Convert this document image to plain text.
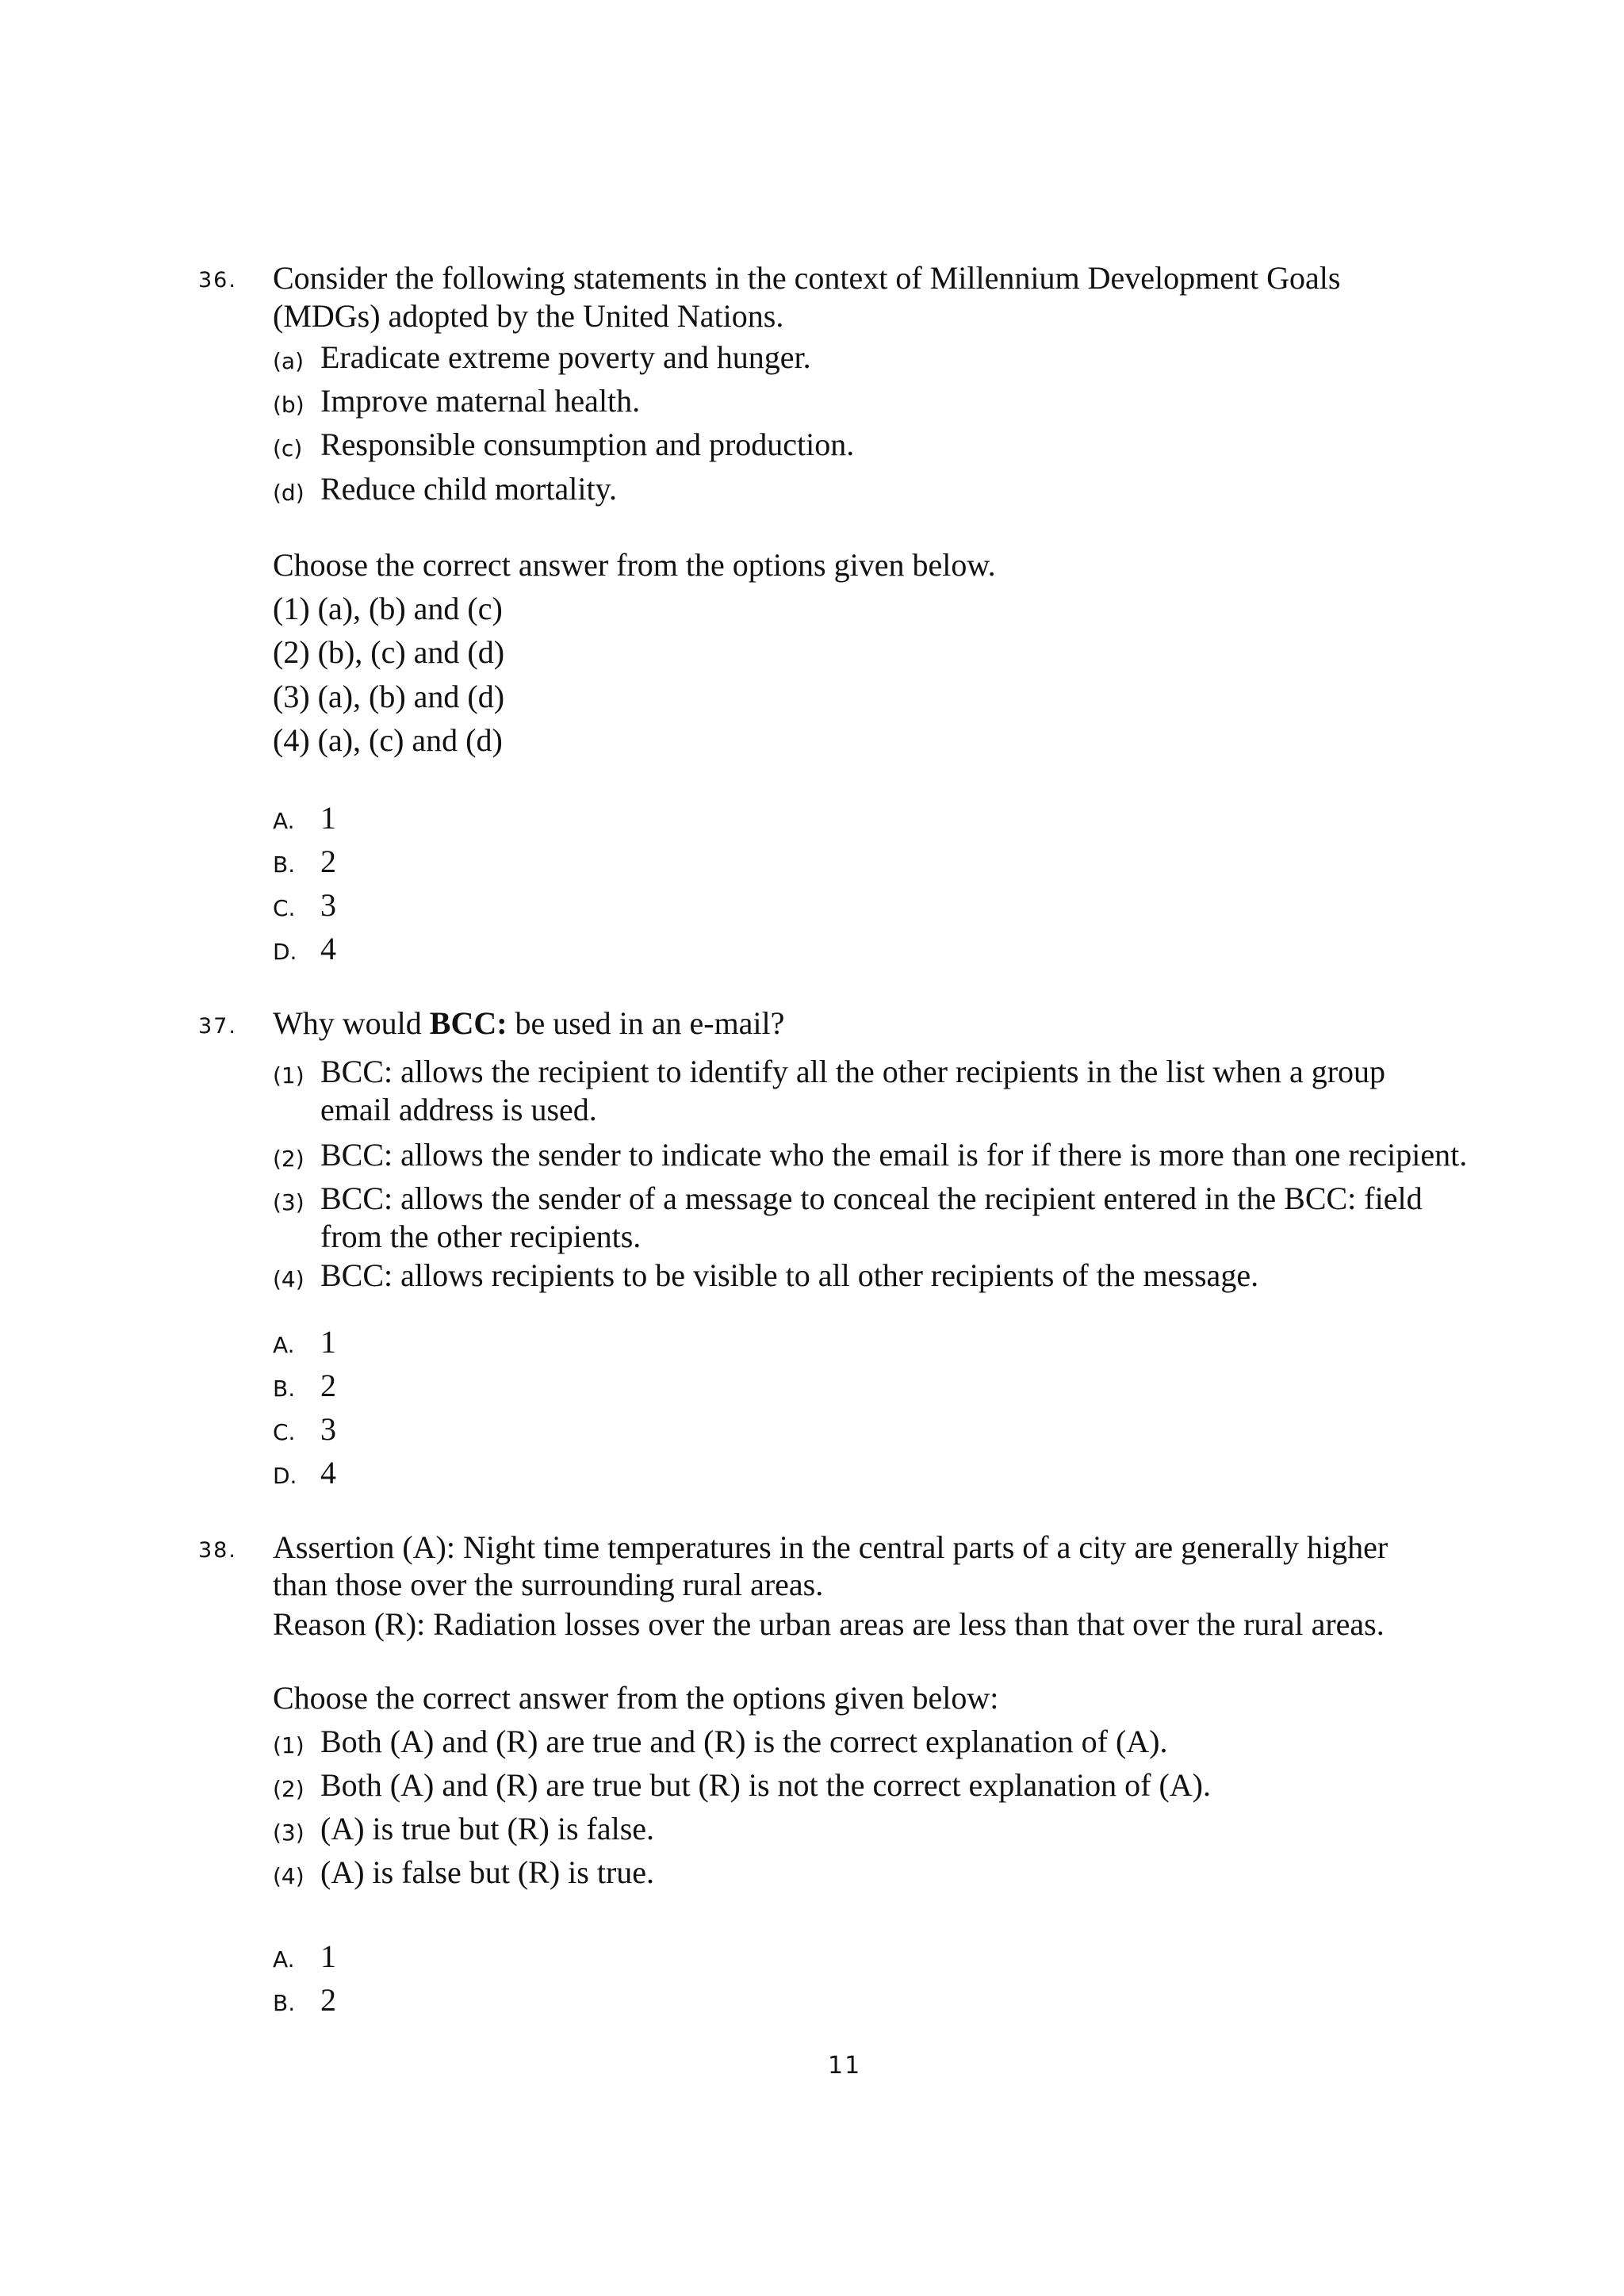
36. Consider the following statements in the context of Millennium Development Goals
(MDGs) adopted by the United Nations.
(a) Eradicate extreme poverty and hunger.
(b) Improve maternal health.
(c) Responsible consumption and production.
(d) Reduce child mortality.
Choose the correct answer from the options given below.
(1) (a), (b) and (c)
(2) (b), (c) and (d)
(3) (a), (b) and (d)
(4) (a), (c) and (d)
A. 1
B. 2
C. 3
D. 4
37. Why would BCC: be used in an e-mail?
(1) BCC: allows the recipient to identify all the other recipients in the list when a group
email address is used.
(2) BCC: allows the sender to indicate who the email is for if there is more than one recipient.
(3) BCC: allows the sender of a message to conceal the recipient entered in the BCC: field
from the other recipients.
(4) BCC: allows recipients to be visible to all other recipients of the message.
A. 1
B. 2
C. 3
D. 4
38. Assertion (A): Night time temperatures in the central parts of a city are generally higher
than those over the surrounding rural areas.
Reason (R): Radiation losses over the urban areas are less than that over the rural areas.
Choose the correct answer from the options given below:
(1) Both (A) and (R) are true and (R) is the correct explanation of (A).
(2) Both (A) and (R) are true but (R) is not the correct explanation of (A).
(3) (A) is true but (R) is false.
(4) (A) is false but (R) is true.
A. 1
B. 2
11
